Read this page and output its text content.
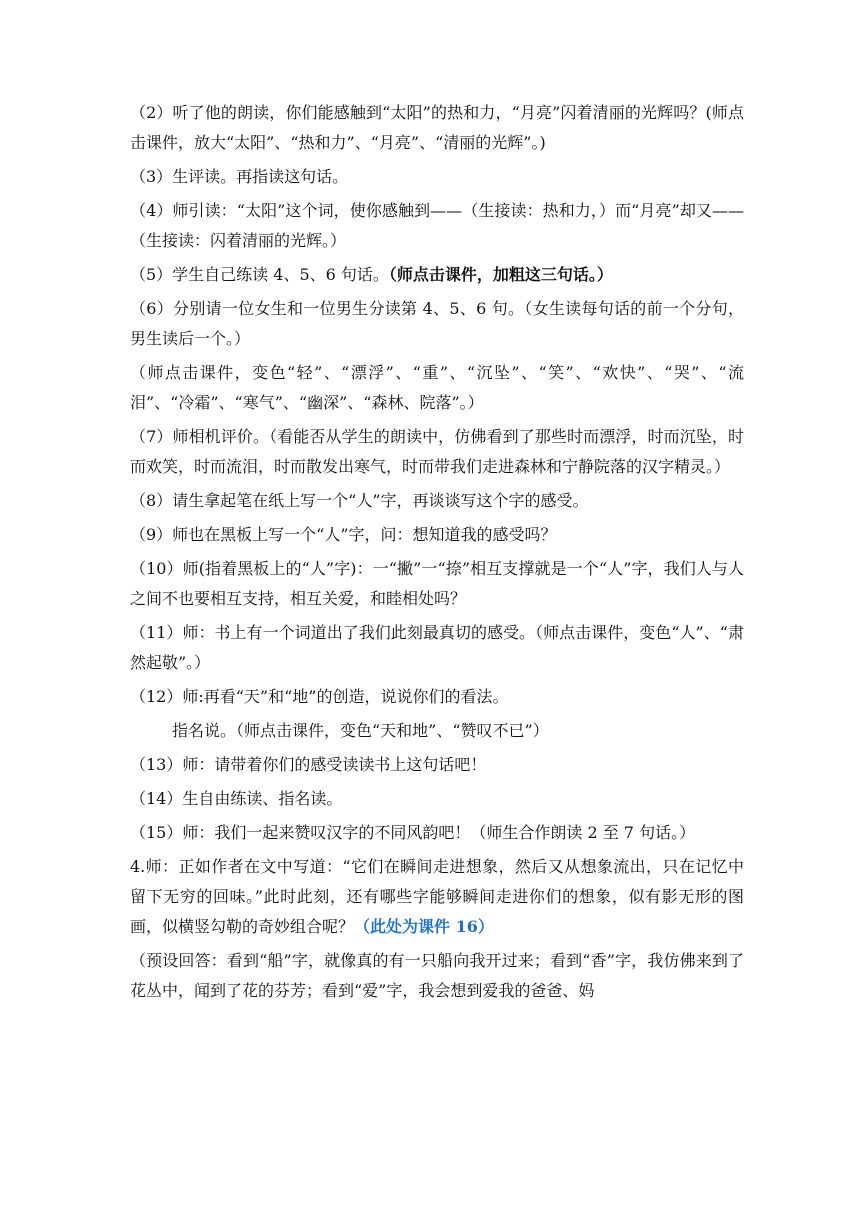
（2）听了他的朗读，你们能感触到“太阳”的热和力，“月亮”闪着清丽的光辉吗？(师点击课件，放大“太阳”、“热和力”、“月亮”、“清丽的光辉”。)

（3）生评读。再指读这句话。

（4）师引读：“太阳”这个词，使你感触到——（生接读：热和力，）而“月亮”却又——（生接读：闪着清丽的光辉。）

（5）学生自己练读 4、5、6 句话。（师点击课件，加粗这三句话。）

（6）分别请一位女生和一位男生分读第 4、5、6 句。（女生读每句话的前一个分句，男生读后一个。）

（师点击课件，变色“轻”、“漂浮”、“重”、“沉坠”、“笑”、“欢快”、“哭”、“流泪”、“冷霜”、“寒气”、“幽深”、“森林、院落”。）

（7）师相机评价。（看能否从学生的朗读中，仿佛看到了那些时而漂浮，时而沉坠，时而欢笑，时而流泪，时而散发出寒气，时而带我们走进森林和宁静院落的汉字精灵。）

（8）请生拿起笔在纸上写一个“人”字，再谈谈写这个字的感受。

（9）师也在黑板上写一个“人”字，问：想知道我的感受吗？

（10）师(指着黑板上的“人”字)：一“撇”一“捺”相互支撑就是一个“人”字，我们人与人之间不也要相互支持，相互关爱，和睦相处吗？

（11）师：书上有一个词道出了我们此刻最真切的感受。（师点击课件，变色“人”、“肃然起敬”。）

（12）师:再看“天”和“地”的创造，说说你们的看法。

指名说。（师点击课件，变色“天和地”、“赞叹不已”）

（13）师：请带着你们的感受读读书上这句话吧！

（14）生自由练读、指名读。

（15）师：我们一起来赞叹汉字的不同风韵吧！（师生合作朗读 2 至 7 句话。）

4.师：正如作者在文中写道：“它们在瞬间走进想象，然后又从想象流出，只在记忆中留下无穷的回味。”此时此刻，还有哪些字能够瞬间走进你们的想象，似有影无形的图画，似横竖勾勒的奇妙组合呢？（此处为课件 16）

（预设回答：看到“船”字，就像真的有一只船向我开过来；看到“香”字，我仿佛来到了花丛中，闻到了花的芬芳；看到“爱”字，我会想到爱我的爸爸、妈
